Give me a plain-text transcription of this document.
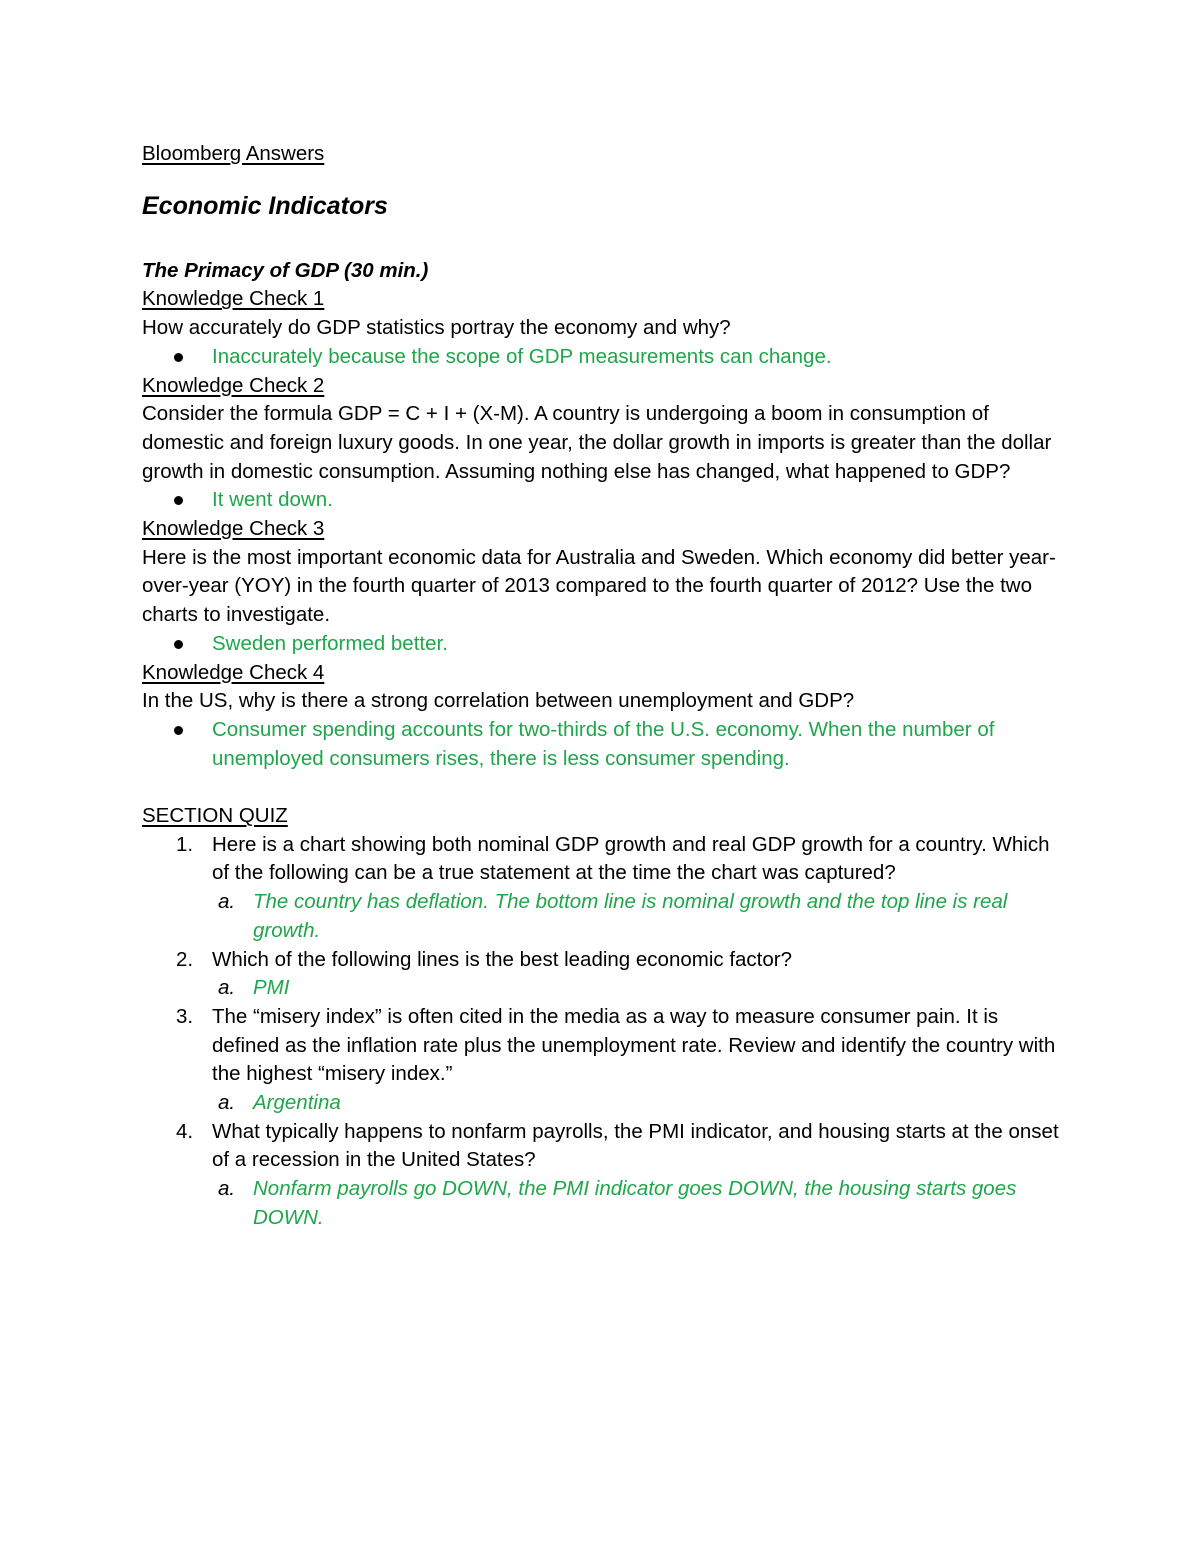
Bloomberg Answers

Economic Indicators

The Primacy of GDP (30 min.)

Knowledge Check 1

How accurately do GDP statistics portray the economy and why?

Inaccurately because the scope of GDP measurements can change.

Knowledge Check 2

Consider the formula GDP = C + I + (X-M). A country is undergoing a boom in consumption of domestic and foreign luxury goods. In one year, the dollar growth in imports is greater than the dollar growth in domestic consumption. Assuming nothing else has changed, what happened to GDP?

It went down.

Knowledge Check 3

Here is the most important economic data for Australia and Sweden. Which economy did better year-over-year (YOY) in the fourth quarter of 2013 compared to the fourth quarter of 2012? Use the two charts to investigate.

Sweden performed better.

Knowledge Check 4

In the US, why is there a strong correlation between unemployment and GDP?

Consumer spending accounts for two-thirds of the U.S. economy. When the number of unemployed consumers rises, there is less consumer spending.

SECTION QUIZ

1. Here is a chart showing both nominal GDP growth and real GDP growth for a country. Which of the following can be a true statement at the time the chart was captured?

a. The country has deflation. The bottom line is nominal growth and the top line is real growth.

2. Which of the following lines is the best leading economic factor?

a. PMI

3. The “misery index” is often cited in the media as a way to measure consumer pain. It is defined as the inflation rate plus the unemployment rate. Review and identify the country with the highest “misery index.”

a. Argentina

4. What typically happens to nonfarm payrolls, the PMI indicator, and housing starts at the onset of a recession in the United States?

a. Nonfarm payrolls go DOWN, the PMI indicator goes DOWN, the housing starts goes DOWN.
